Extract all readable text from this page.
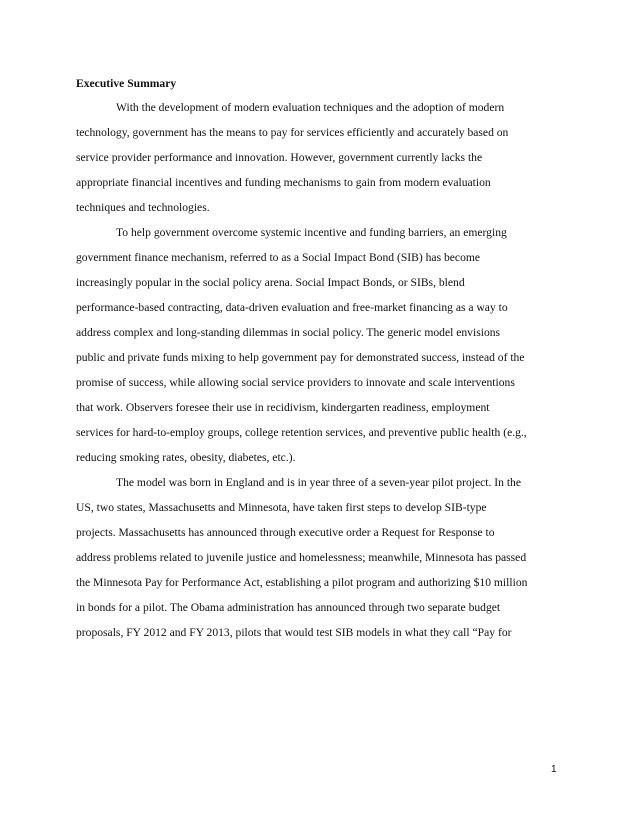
Executive Summary

With the development of modern evaluation techniques and the adoption of modern

technology, government has the means to pay for services efficiently and accurately based on

service provider performance and innovation. However, government currently lacks the

appropriate financial incentives and funding mechanisms to gain from modern evaluation

techniques and technologies.

To help government overcome systemic incentive and funding barriers, an emerging

government finance mechanism, referred to as a Social Impact Bond (SIB) has become

increasingly popular in the social policy arena. Social Impact Bonds, or SIBs, blend

performance-based contracting, data-driven evaluation and free-market financing as a way to

address complex and long-standing dilemmas in social policy. The generic model envisions

public and private funds mixing to help government pay for demonstrated success, instead of the

promise of success, while allowing social service providers to innovate and scale interventions

that work. Observers foresee their use in recidivism, kindergarten readiness, employment

services for hard-to-employ groups, college retention services, and preventive public health (e.g.,

reducing smoking rates, obesity, diabetes, etc.).

The model was born in England and is in year three of a seven-year pilot project. In the

US, two states, Massachusetts and Minnesota, have taken first steps to develop SIB-type

projects. Massachusetts has announced through executive order a Request for Response to

address problems related to juvenile justice and homelessness; meanwhile, Minnesota has passed

the Minnesota Pay for Performance Act, establishing a pilot program and authorizing $10 million

in bonds for a pilot. The Obama administration has announced through two separate budget

proposals, FY 2012 and FY 2013, pilots that would test SIB models in what they call “Pay for

1
